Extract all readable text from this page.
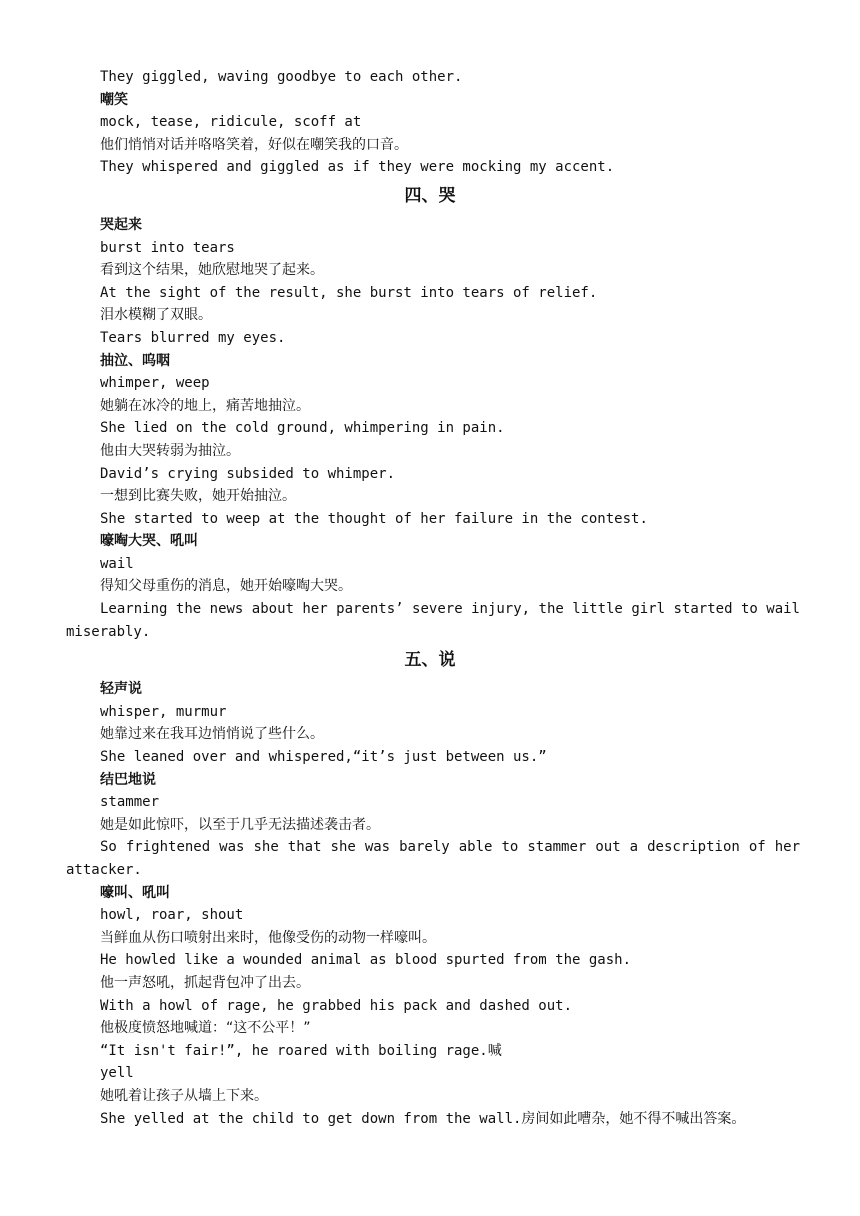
They giggled, waving goodbye to each other.
嘲笑
mock, tease, ridicule, scoff at
他们悄悄对话并咯咯笑着，好似在嘲笑我的口音。
They whispered and giggled as if they were mocking my accent.
四、哭
哭起来
burst into tears
看到这个结果，她欣慰地哭了起来。
At the sight of the result, she burst into tears of relief.
泪水模糊了双眼。
Tears blurred my eyes.
抽泣、呜咽
whimper, weep
她躺在冰冷的地上，痛苦地抽泣。
She lied on the cold ground, whimpering in pain.
他由大哭转弱为抽泣。
David’s crying subsided to whimper.
一想到比赛失败，她开始抽泣。
She started to weep at the thought of her failure in the contest.
嚎啕大哭、吼叫
wail
得知父母重伤的消息，她开始嚎啕大哭。
Learning the news about her parents’ severe injury, the little girl started to wail
miserably.
五、说
轻声说
whisper, murmur
她靠过来在我耳边悄悄说了些什么。
She leaned over and whispered,“it’s just between us.”
结巴地说
stammer
她是如此惊吓，以至于几乎无法描述袭击者。
So frightened was she that she was barely able to stammer out a description of her
attacker.
嚎叫、吼叫
howl, roar, shout
当鲜血从伤口喷射出来时，他像受伤的动物一样嚎叫。
He howled like a wounded animal as blood spurted from the gash.
他一声怒吼，抓起背包冲了出去。
With a howl of rage, he grabbed his pack and dashed out.
他极度愤怒地喊道：“这不公平！”
“It isn't fair!”, he roared with boiling rage.喊
yell
她吼着让孩子从墙上下来。
She yelled at the child to get down from the wall.房间如此嘈杂，她不得不喊出答案。
